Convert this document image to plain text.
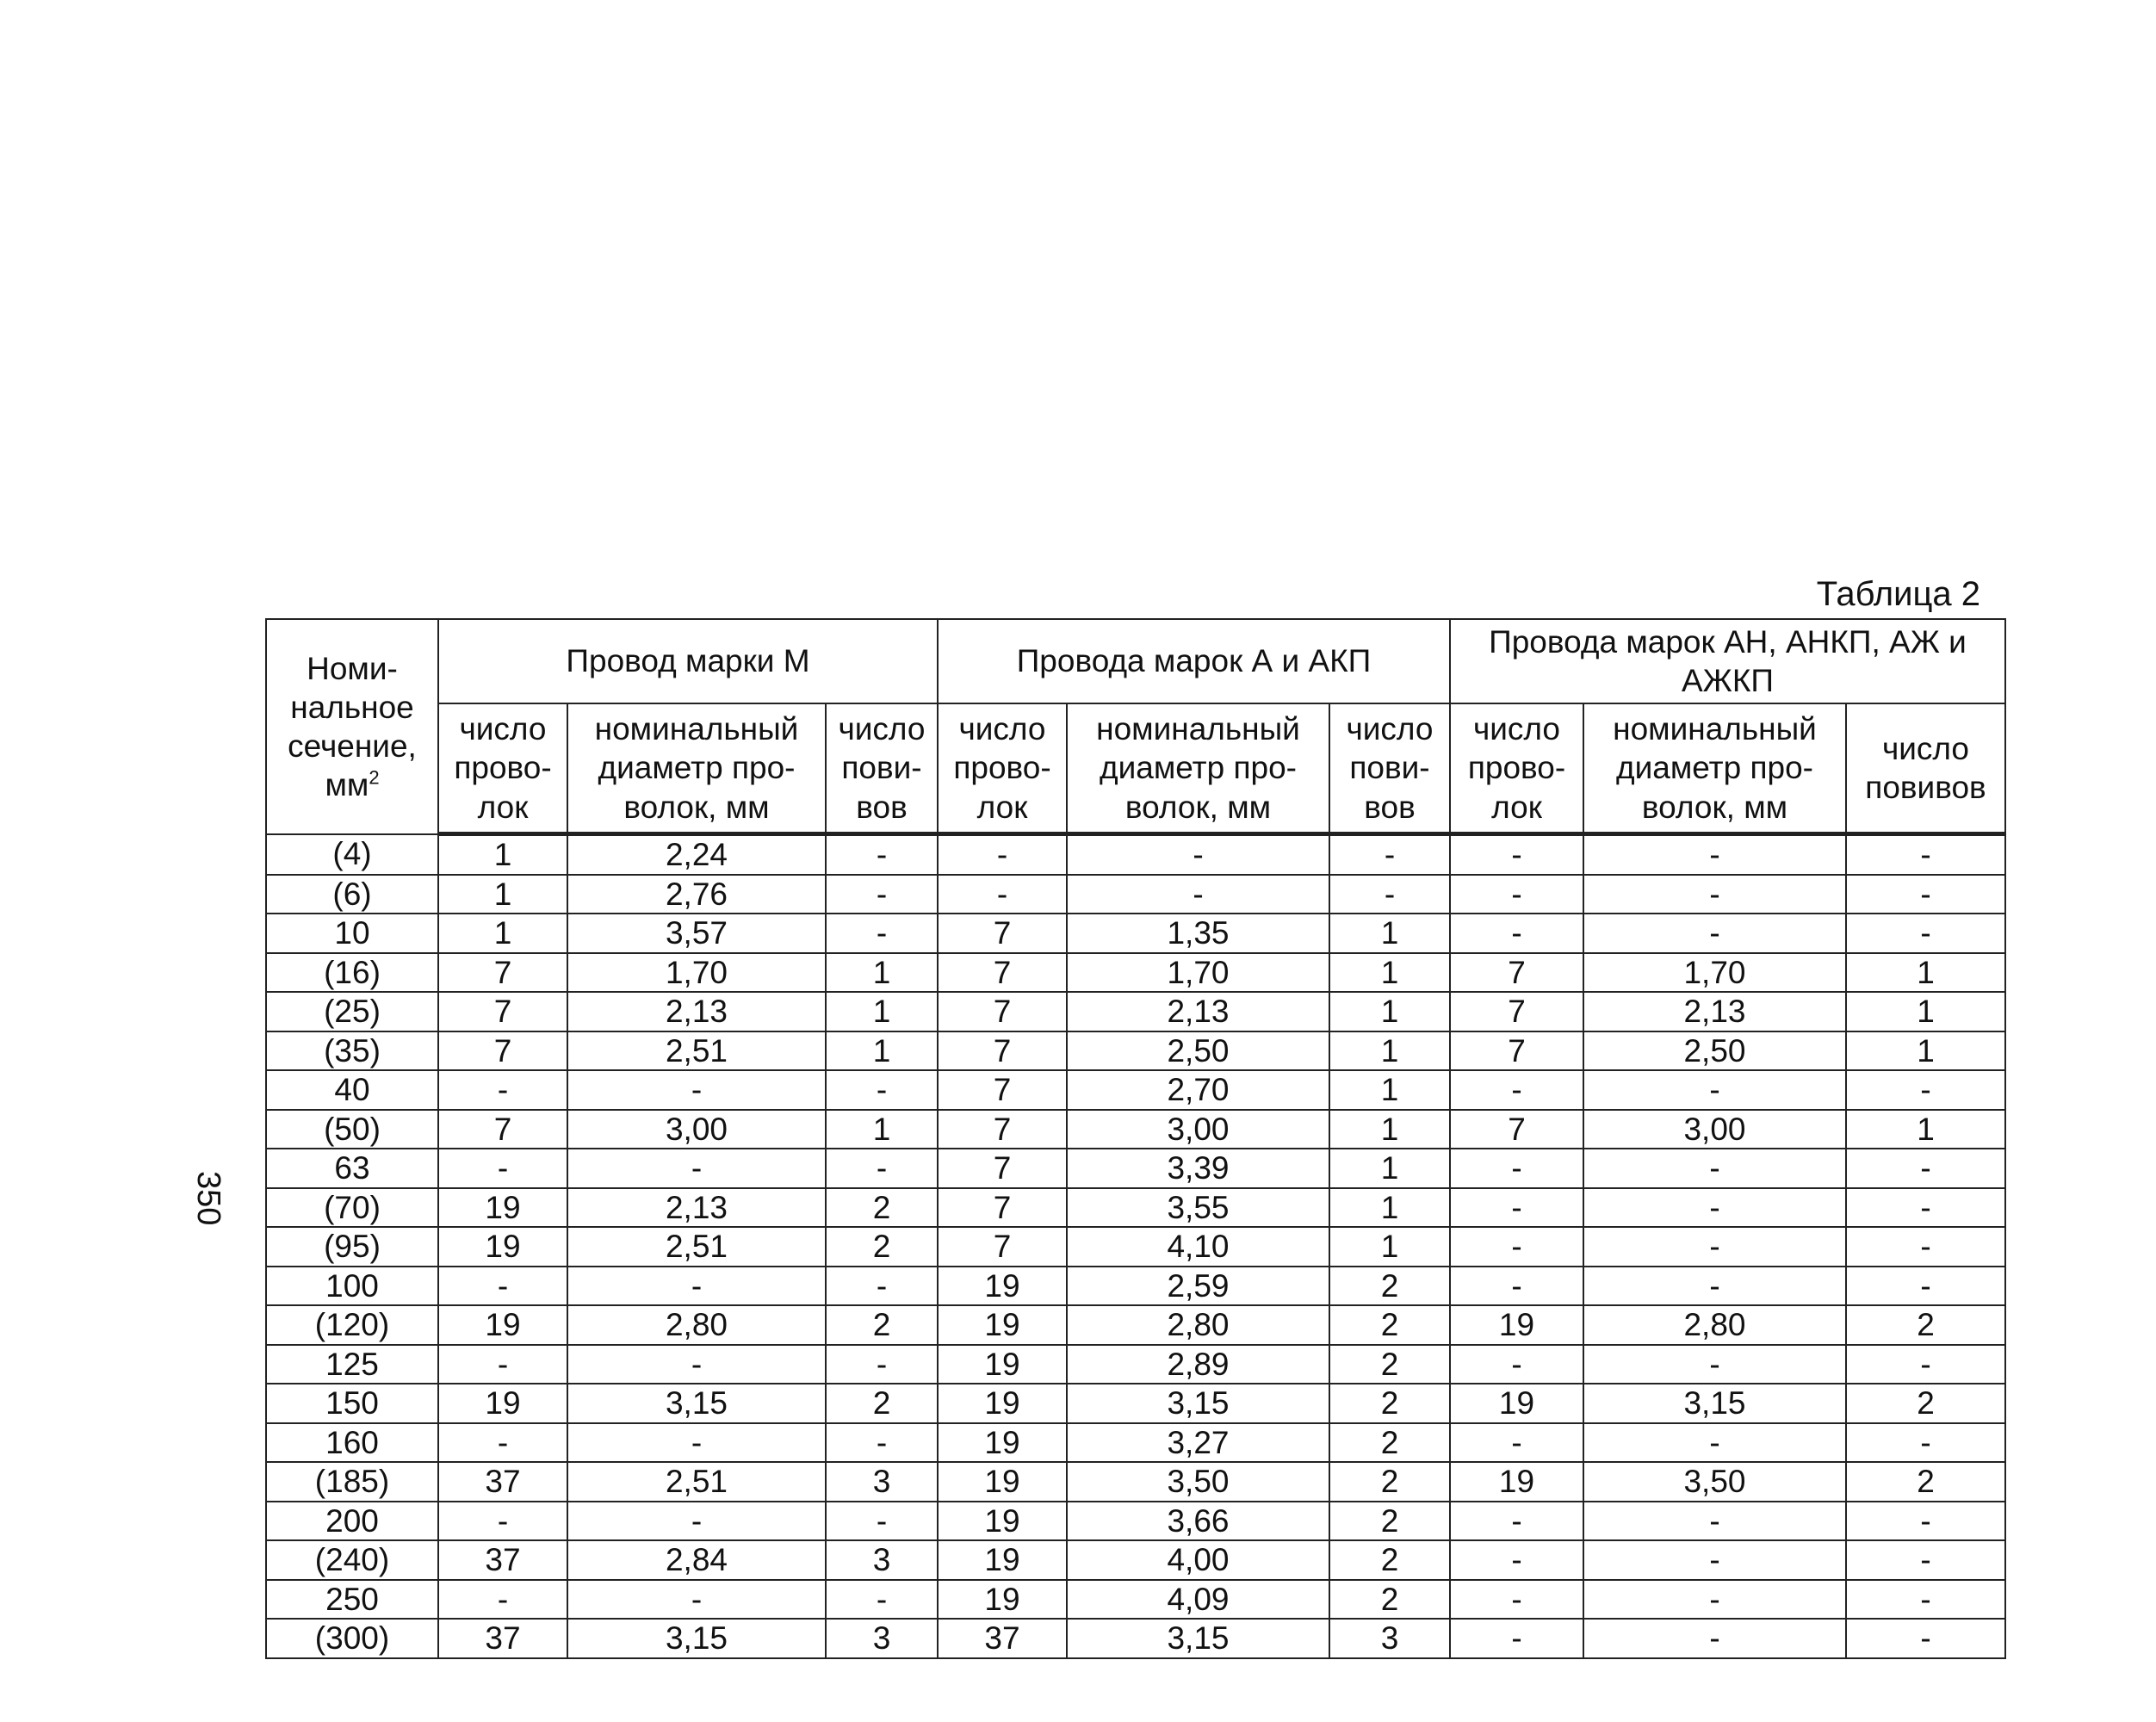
350
Таблица 2
Номи-
нальное
сечение,
$мм^2$	Провод марки М			Провода марок А и АКП			Провода марок АН, АНКП, АЖ и АЖКП		
	число
прово-
лок	номинальный
диаметр про-
волок, мм	число
пови-
вов	число
прово-
лок	номинальный
диаметр про-
волок, мм	число
пови-
вов	число
прово-
лок	номинальный
диаметр про-
волок, мм	число
повивов
(4)	1	2,24	-	-	-	-	-	-	-
(6)	1	2,76	-	-	-	-	-	-	-
10	1	3,57	-	7	1,35	1	-	-	-
(16)	7	1,70	1	7	1,70	1	7	1,70	1
(25)	7	2,13	1	7	2,13	1	7	2,13	1
(35)	7	2,51	1	7	2,50	1	7	2,50	1
40	-	-	-	7	2,70	1	-	-	-
(50)	7	3,00	1	7	3,00	1	7	3,00	1
63	-	-	-	7	3,39	1	-	-	-
(70)	19	2,13	2	7	3,55	1	-	-	-
(95)	19	2,51	2	7	4,10	1	-	-	-
100	-	-	-	19	2,59	2	-	-	-
(120)	19	2,80	2	19	2,80	2	19	2,80	2
125	-	-	-	19	2,89	2	-	-	-
150	19	3,15	2	19	3,15	2	19	3,15	2
160	-	-	-	19	3,27	2	-	-	-
(185)	37	2,51	3	19	3,50	2	19	3,50	2
200	-	-	-	19	3,66	2	-	-	-
(240)	37	2,84	3	19	4,00	2	-	-	-
250	-	-	-	19	4,09	2	-	-	-
(300)	37	3,15	3	37	3,15	3	-	-	-
